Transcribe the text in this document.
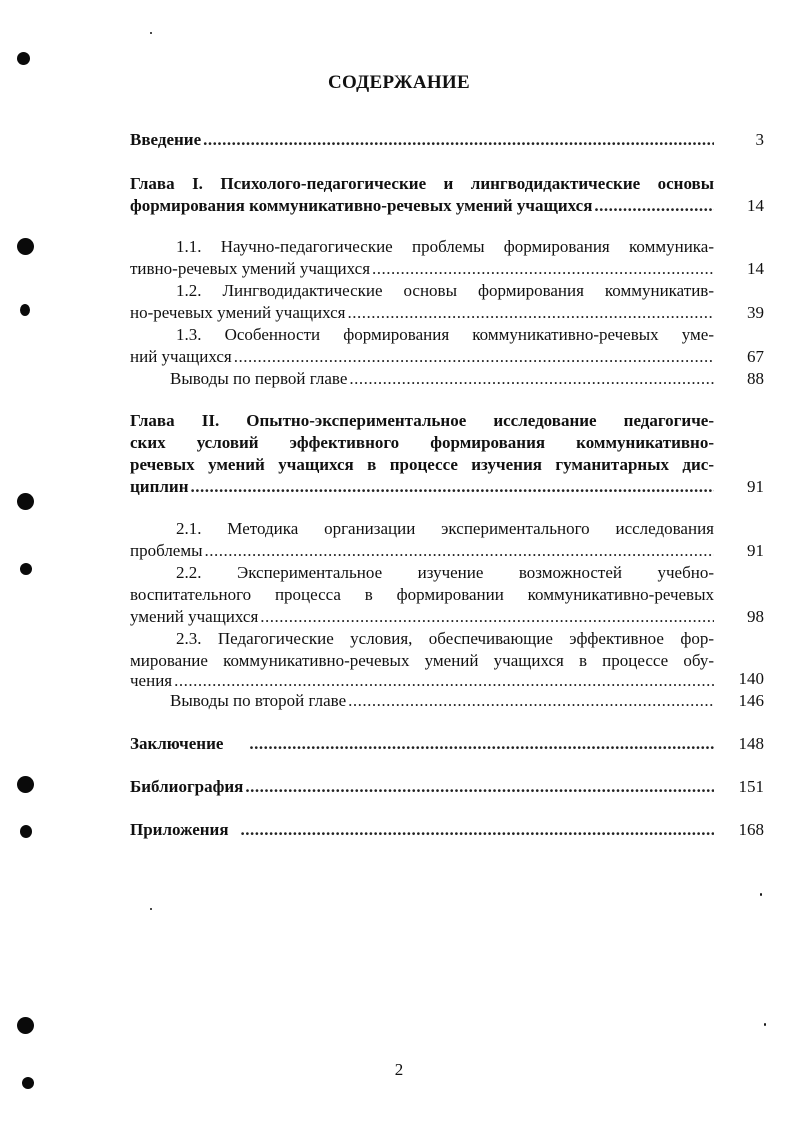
СОДЕРЖАНИЕ
Введение .....	3
Глава I. Психолого-педагогические и лингводидактические основы
формирования коммуникативно-речевых умений учащихся .....	14
1.1. Научно-педагогические проблемы формирования коммуника-
тивно-речевых умений учащихся .....	14
1.2. Лингводидактические основы формирования коммуникатив-
но-речевых умений учащихся .....	39
1.3. Особенности формирования коммуникативно-речевых уме-
ний учащихся .....	67
Выводы по первой главе .....	88
Глава II. Опытно-экспериментальное исследование педагогиче-
ских условий эффективного формирования коммуникативно-
речевых умений учащихся в процессе изучения гуманитарных дис-
циплин .....	91
2.1. Методика организации экспериментального исследования
проблемы .....	91
2.2. Экспериментальное изучение возможностей учебно-
воспитательного процесса в формировании коммуникативно-речевых
умений учащихся .....	98
2.3. Педагогические условия, обеспечивающие эффективное фор-
мирование коммуникативно-речевых умений учащихся в процессе обу-
чения .....	140
Выводы по второй главе .....	146
Заключение .....	148
Библиография .....	151
Приложения .....	168
2
